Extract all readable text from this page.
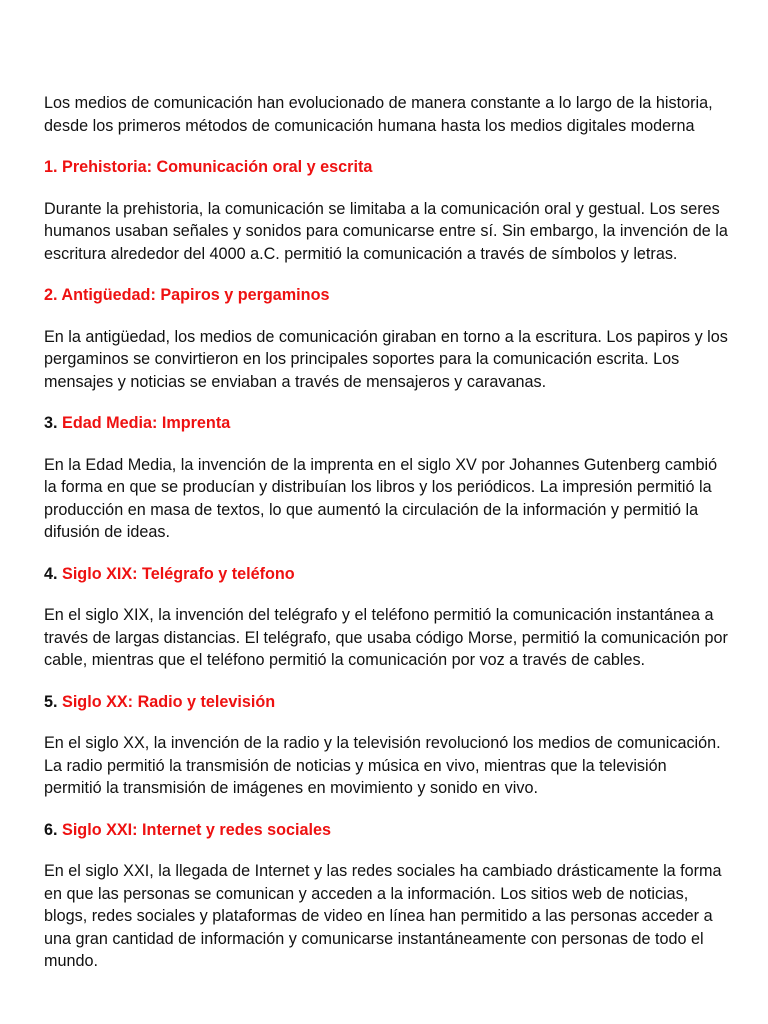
Los medios de comunicación han evolucionado de manera constante a lo largo de la historia, desde los primeros métodos de comunicación humana hasta los medios digitales moderna

1. Prehistoria: Comunicación oral y escrita

Durante la prehistoria, la comunicación se limitaba a la comunicación oral y gestual. Los seres humanos usaban señales y sonidos para comunicarse entre sí. Sin embargo, la invención de la escritura alrededor del 4000 a.C. permitió la comunicación a través de símbolos y letras.

2. Antigüedad: Papiros y pergaminos

En la antigüedad, los medios de comunicación giraban en torno a la escritura. Los papiros y los pergaminos se convirtieron en los principales soportes para la comunicación escrita. Los mensajes y noticias se enviaban a través de mensajeros y caravanas.

3. Edad Media: Imprenta

En la Edad Media, la invención de la imprenta en el siglo XV por Johannes Gutenberg cambió la forma en que se producían y distribuían los libros y los periódicos. La impresión permitió la producción en masa de textos, lo que aumentó la circulación de la información y permitió la difusión de ideas.

4. Siglo XIX: Telégrafo y teléfono

En el siglo XIX, la invención del telégrafo y el teléfono permitió la comunicación instantánea a través de largas distancias. El telégrafo, que usaba código Morse, permitió la comunicación por cable, mientras que el teléfono permitió la comunicación por voz a través de cables.

5. Siglo XX: Radio y televisión

En el siglo XX, la invención de la radio y la televisión revolucionó los medios de comunicación. La radio permitió la transmisión de noticias y música en vivo, mientras que la televisión permitió la transmisión de imágenes en movimiento y sonido en vivo.

6. Siglo XXI: Internet y redes sociales

En el siglo XXI, la llegada de Internet y las redes sociales ha cambiado drásticamente la forma en que las personas se comunican y acceden a la información. Los sitios web de noticias, blogs, redes sociales y plataformas de video en línea han permitido a las personas acceder a una gran cantidad de información y comunicarse instantáneamente con personas de todo el mundo.
